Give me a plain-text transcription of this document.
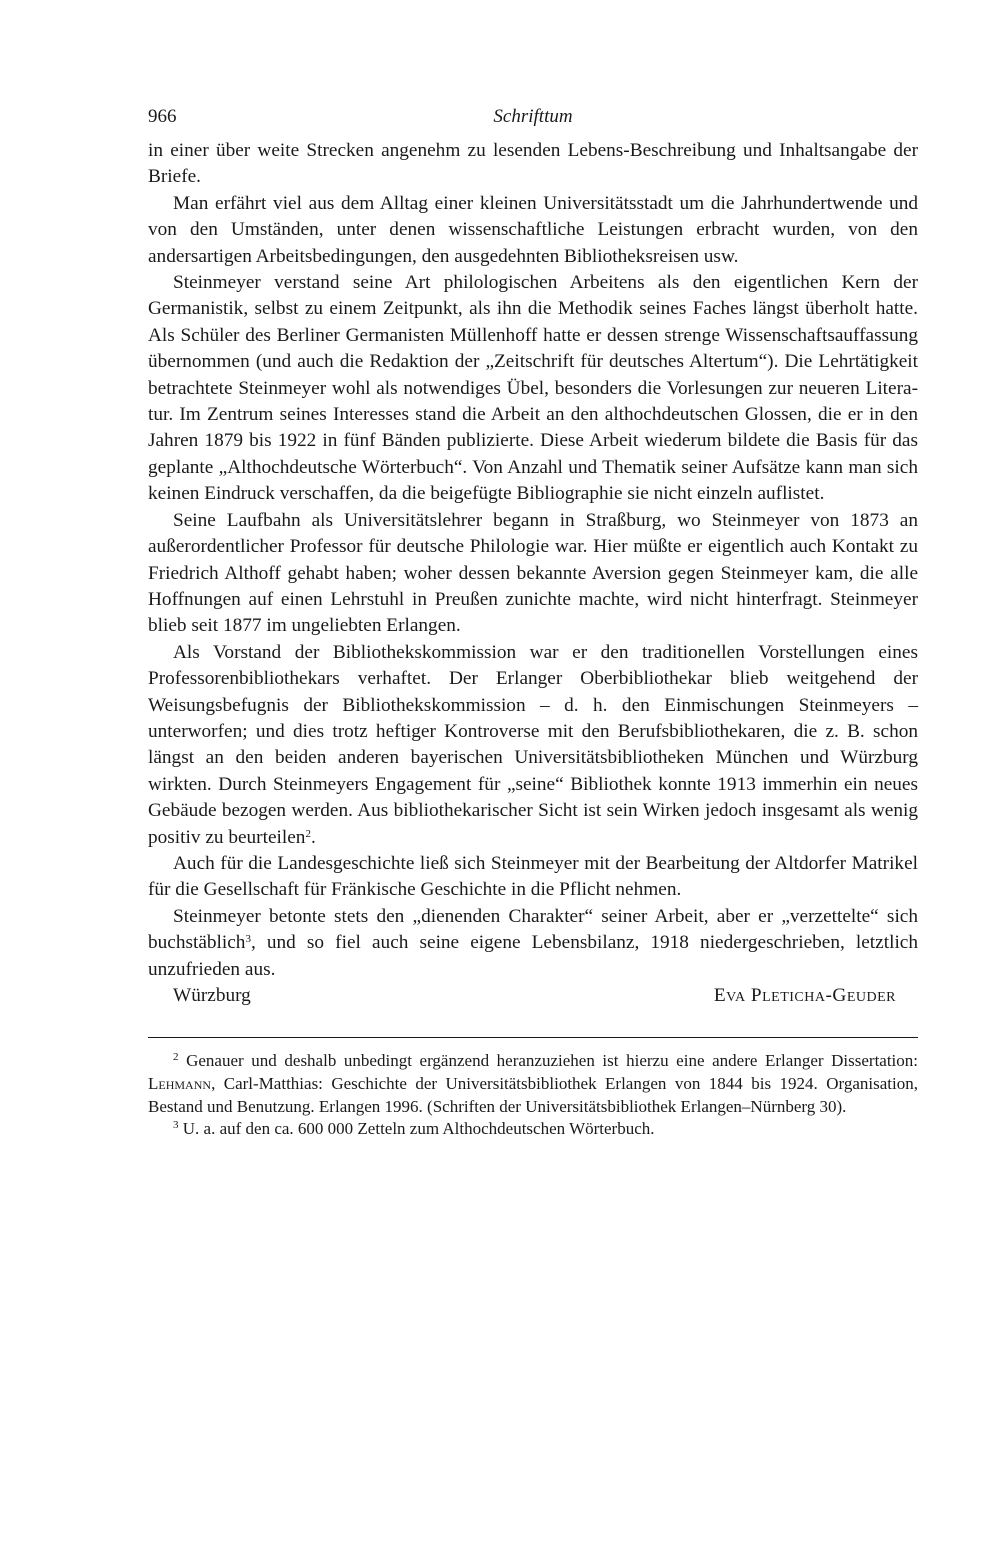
966	Schrifttum

in einer über weite Strecken angenehm zu lesenden Lebens-Beschreibung und Inhaltsangabe der Briefe.

Man erfährt viel aus dem Alltag einer kleinen Universitätsstadt um die Jahrhundertwende und von den Umständen, unter denen wissenschaftliche Leistungen erbracht wurden, von den andersartigen Arbeitsbedingungen, den ausgedehnten Bibliotheksreisen usw.

Steinmeyer verstand seine Art philologischen Arbeitens als den eigentlichen Kern der Germanistik, selbst zu einem Zeitpunkt, als ihn die Methodik seines Faches längst überholt hatte. Als Schüler des Berliner Germanisten Müllenhoff hatte er dessen strenge Wissenschaftsauffassung übernommen (und auch die Redaktion der „Zeitschrift für deutsches Altertum“). Die Lehrtätigkeit betrachtete Steinmeyer wohl als notwendiges Übel, besonders die Vorlesungen zur neueren Literatur. Im Zentrum seines Interesses stand die Arbeit an den althochdeutschen Glossen, die er in den Jahren 1879 bis 1922 in fünf Bänden publizierte. Diese Arbeit wiederum bildete die Basis für das geplante „Althochdeutsche Wörterbuch“. Von Anzahl und Thematik seiner Aufsätze kann man sich keinen Eindruck verschaffen, da die beigefügte Bibliographie sie nicht einzeln auflistet.

Seine Laufbahn als Universitätslehrer begann in Straßburg, wo Steinmeyer von 1873 an außerordentlicher Professor für deutsche Philologie war. Hier müßte er eigentlich auch Kontakt zu Friedrich Althoff gehabt haben; woher dessen bekannte Aversion gegen Steinmeyer kam, die alle Hoffnungen auf einen Lehrstuhl in Preußen zunichte machte, wird nicht hinterfragt. Steinmeyer blieb seit 1877 im ungeliebten Erlangen.

Als Vorstand der Bibliothekskommission war er den traditionellen Vorstellungen eines Professorenbibliothekars verhaftet. Der Erlanger Oberbibliothekar blieb weitgehend der Weisungsbefugnis der Bibliothekskommission – d. h. den Einmischungen Steinmeyers – unterworfen; und dies trotz heftiger Kontroverse mit den Berufsbibliothekaren, die z. B. schon längst an den beiden anderen bayerischen Universitätsbibliotheken München und Würzburg wirkten. Durch Steinmeyers Engagement für „seine“ Bibliothek konnte 1913 immerhin ein neues Gebäude bezogen werden. Aus bibliothekarischer Sicht ist sein Wirken jedoch insgesamt als wenig positiv zu beurteilen$^2$.

Auch für die Landesgeschichte ließ sich Steinmeyer mit der Bearbeitung der Altdorfer Matrikel für die Gesellschaft für Fränkische Geschichte in die Pflicht nehmen.

Steinmeyer betonte stets den „dienenden Charakter“ seiner Arbeit, aber er „verzettelte“ sich buchstäblich$^3$, und so fiel auch seine eigene Lebensbilanz, 1918 niedergeschrieben, letztlich unzufrieden aus.

Würzburg	Eva Pleticha-Geuder

$^2$ Genauer und deshalb unbedingt ergänzend heranzuziehen ist hierzu eine andere Erlanger Dissertation: Lehmann, Carl-Matthias: Geschichte der Universitätsbibliothek Erlangen von 1844 bis 1924. Organisation, Bestand und Benutzung. Erlangen 1996. (Schriften der Universitätsbibliothek Erlangen–Nürnberg 30).

$^3$ U. a. auf den ca. 600 000 Zetteln zum Althochdeutschen Wörterbuch.
